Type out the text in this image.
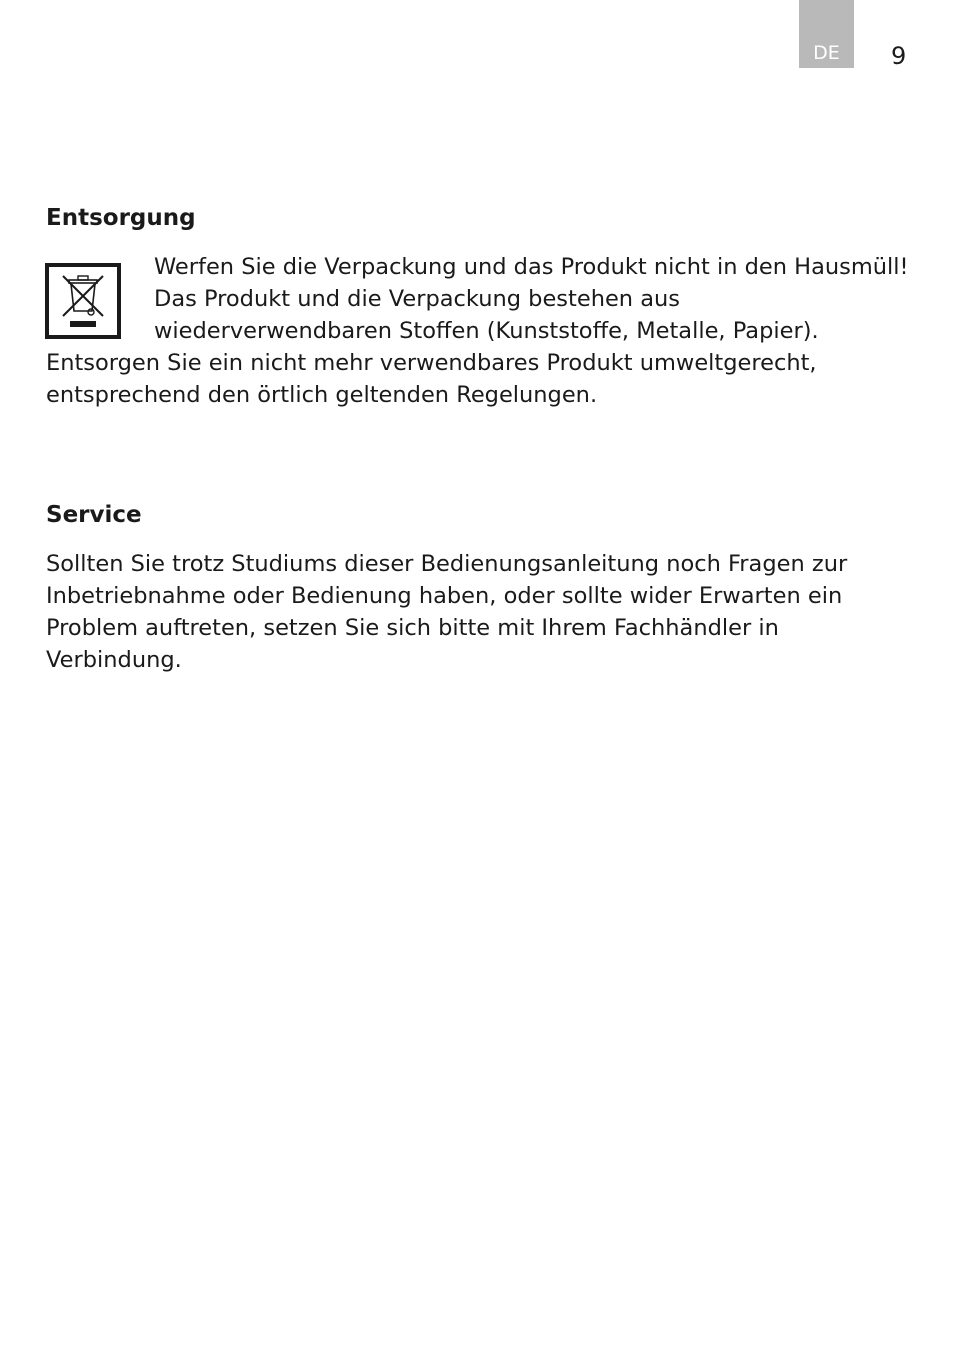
DE	9
Entsorgung

Werfen Sie die Verpackung und das Produkt nicht in den Hausmüll!

Das Produkt und die Verpackung bestehen aus

wiederverwendbaren Stoffen (Kunststoffe, Metalle, Papier).

Entsorgen Sie ein nicht mehr verwendbares Produkt umweltgerecht,

entsprechend den örtlich geltenden Regelungen.

Service

Sollten Sie trotz Studiums dieser Bedienungsanleitung noch Fragen zur

Inbetriebnahme oder Bedienung haben, oder sollte wider Erwarten ein

Problem auftreten, setzen Sie sich bitte mit Ihrem Fachhändler in

Verbindung.
